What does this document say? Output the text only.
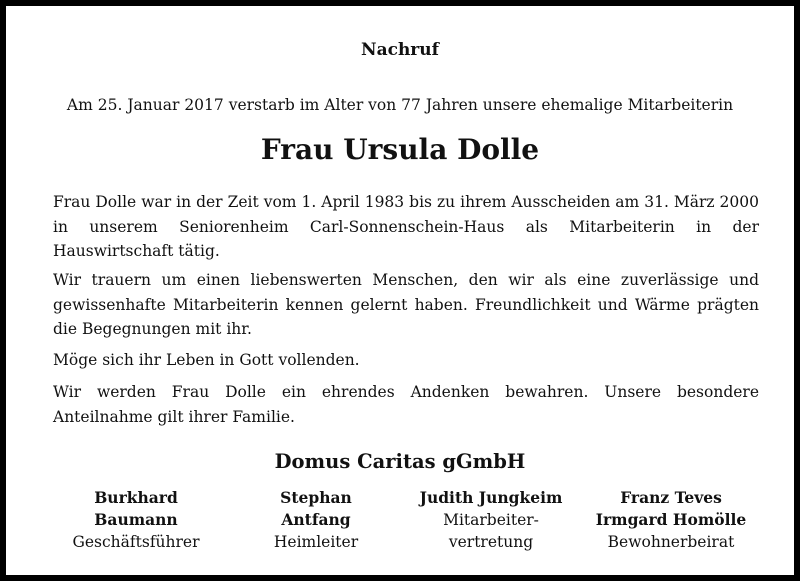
Nachruf
Am 25. Januar 2017 verstarb im Alter von 77 Jahren unsere ehemalige Mitarbeiterin
Frau Ursula Dolle

Frau Dolle war in der Zeit vom 1. April 1983 bis zu ihrem Ausscheiden am 31. März 2000 in unserem Seniorenheim Carl-Sonnenschein-Haus als Mitarbeiterin in der Hauswirtschaft tätig.

Wir trauern um einen liebenswerten Menschen, den wir als eine zuverlässige und gewissenhafte Mitarbeiterin kennen gelernt haben. Freundlichkeit und Wärme prägten die Begegnungen mit ihr.

Möge sich ihr Leben in Gott vollenden.

Wir werden Frau Dolle ein ehrendes Andenken bewahren. Unsere besondere Anteilnahme gilt ihrer Familie.

Domus Caritas gGmbH
Burkhard
Baumann
Geschäftsführer
Stephan
Antfang
Heimleiter
Judith Jungkeim
Mitarbeiter-
vertretung
Franz Teves
Irmgard Homölle
Bewohnerbeirat
